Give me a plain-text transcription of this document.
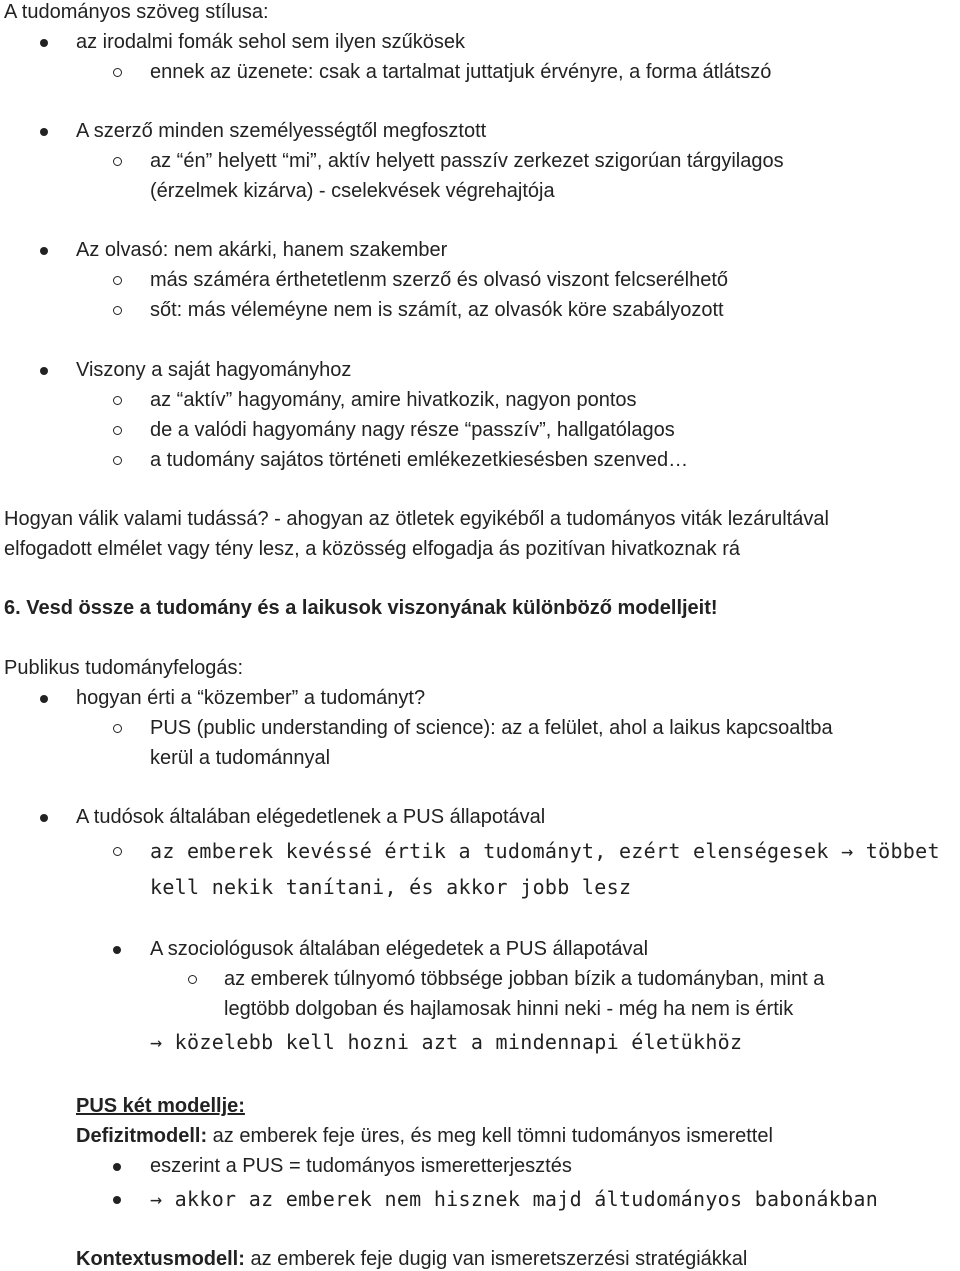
A tudományos szöveg stílusa:
az irodalmi fomák sehol sem ilyen szűkösek
ennek az üzenete: csak a tartalmat juttatjuk érvényre, a forma átlátszó
A szerző minden személyességtől megfosztott
az “én” helyett “mi”, aktív helyett passzív zerkezet szigorúan tárgyilagos
(érzelmek kizárva) - cselekvések végrehajtója
Az olvasó: nem akárki, hanem szakember
más száméra érthetetlenm szerző és olvasó viszont felcserélhető
sőt: más véleméyne nem is számít, az olvasók köre szabályozott
Viszony a saját hagyományhoz
az “aktív” hagyomány, amire hivatkozik, nagyon pontos
de a valódi hagyomány nagy része “passzív”, hallgatólagos
a tudomány sajátos történeti emlékezetkiesésben szenved…
Hogyan válik valami tudássá? - ahogyan az ötletek egyikéből a tudományos viták lezárultával
elfogadott elmélet vagy tény lesz, a közösség elfogadja ás pozitívan hivatkoznak rá
6. Vesd össze a tudomány és a laikusok viszonyának különböző modelljeit!
Publikus tudományfelogás:
hogyan érti a “közember” a tudományt?
PUS (public understanding of science): az a felület, ahol a laikus kapcsoaltba
kerül a tudománnyal
A tudósok általában elégedetlenek a PUS állapotával
az emberek kevéssé értik a tudományt, ezért elenségesek → többet
kell nekik tanítani, és akkor jobb lesz
A szociológusok általában elégedetek a PUS állapotával
az emberek túlnyomó többsége jobban bízik a tudományban, mint a
legtöbb dolgoban és hajlamosak hinni neki - még ha nem is értik
→ közelebb kell hozni azt a mindennapi életükhöz
PUS két modellje:
Defizitmodell: az emberek feje üres, és meg kell tömni tudományos ismerettel
eszerint a PUS = tudományos ismeretterjesztés
→ akkor az emberek nem hisznek majd áltudományos babonákban
Kontextusmodell: az emberek feje dugig van ismeretszerzési stratégiákkal
